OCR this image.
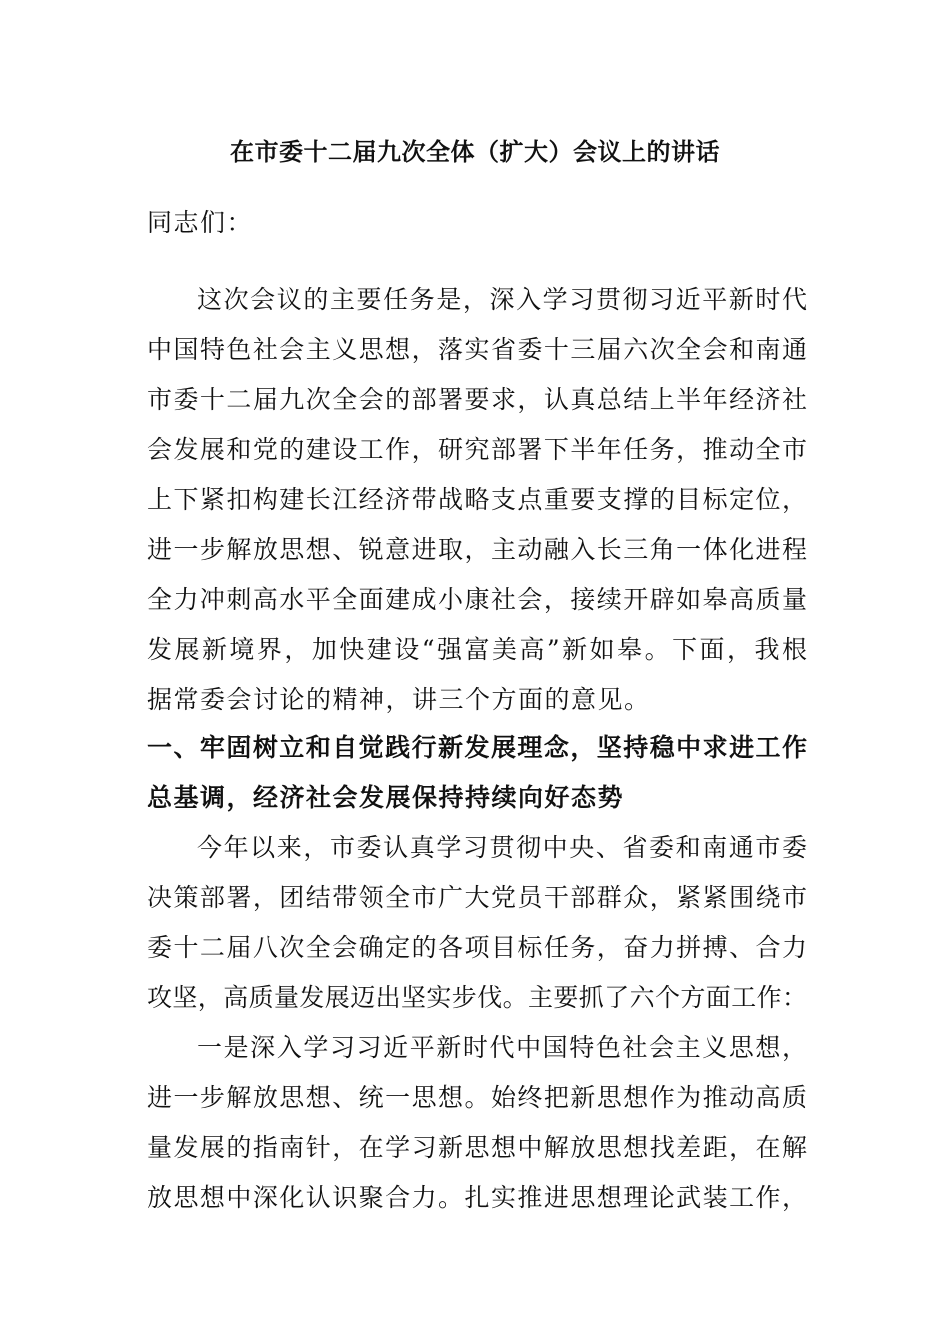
在市委十二届九次全体（扩大）会议上的讲话
同志们：
这次会议的主要任务是，深入学习贯彻习近平新时代
中国特色社会主义思想，落实省委十三届六次全会和南通
市委十二届九次全会的部署要求，认真总结上半年经济社
会发展和党的建设工作，研究部署下半年任务，推动全市
上下紧扣构建长江经济带战略支点重要支撑的目标定位，
进一步解放思想、锐意进取，主动融入长三角一体化进程
全力冲刺高水平全面建成小康社会，接续开辟如皋高质量
发展新境界，加快建设“强富美高”新如皋。下面，我根
据常委会讨论的精神，讲三个方面的意见。
一、牢固树立和自觉践行新发展理念，坚持稳中求进工作
总基调，经济社会发展保持持续向好态势
今年以来，市委认真学习贯彻中央、省委和南通市委
决策部署，团结带领全市广大党员干部群众，紧紧围绕市
委十二届八次全会确定的各项目标任务，奋力拼搏、合力
攻坚，高质量发展迈出坚实步伐。主要抓了六个方面工作：
一是深入学习习近平新时代中国特色社会主义思想，
进一步解放思想、统一思想。始终把新思想作为推动高质
量发展的指南针，在学习新思想中解放思想找差距，在解
放思想中深化认识聚合力。扎实推进思想理论武装工作，
